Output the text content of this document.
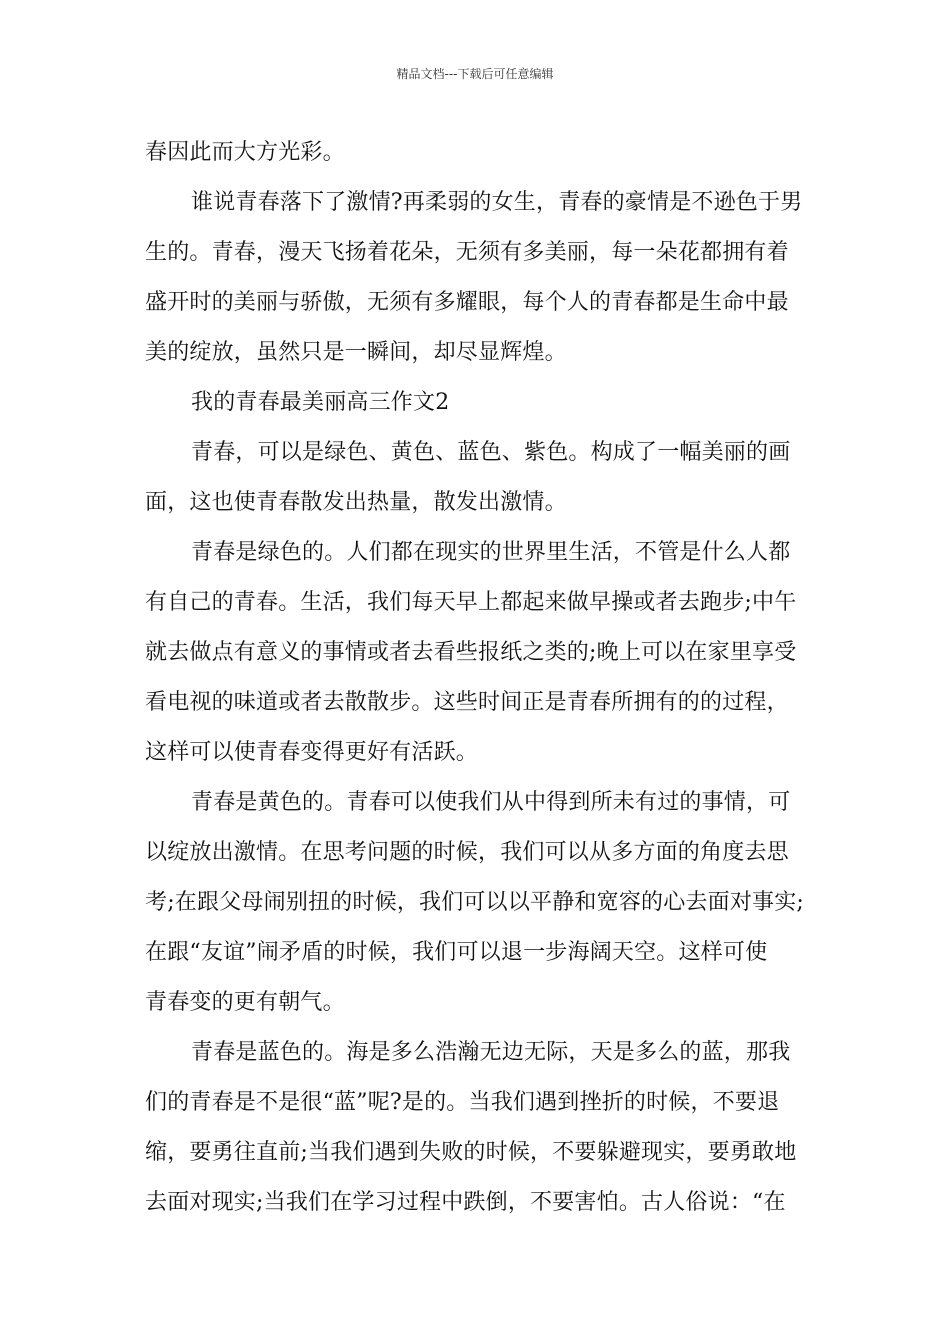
精品文档---下载后可任意编辑
春因此而大方光彩。
谁说青春落下了激情?再柔弱的女生，青春的豪情是不逊色于男
生的。青春，漫天飞扬着花朵，无须有多美丽，每一朵花都拥有着
盛开时的美丽与骄傲，无须有多耀眼，每个人的青春都是生命中最
美的绽放，虽然只是一瞬间，却尽显辉煌。
我的青春最美丽高三作文2
青春，可以是绿色、黄色、蓝色、紫色。构成了一幅美丽的画
面，这也使青春散发出热量，散发出激情。
青春是绿色的。人们都在现实的世界里生活，不管是什么人都
有自己的青春。生活，我们每天早上都起来做早操或者去跑步;中午
就去做点有意义的事情或者去看些报纸之类的;晚上可以在家里享受
看电视的味道或者去散散步。这些时间正是青春所拥有的的过程，
这样可以使青春变得更好有活跃。
青春是黄色的。青春可以使我们从中得到所未有过的事情，可
以绽放出激情。在思考问题的时候，我们可以从多方面的角度去思
考;在跟父母闹别扭的时候，我们可以以平静和宽容的心去面对事实;
在跟“友谊”闹矛盾的时候，我们可以退一步海阔天空。这样可使
青春变的更有朝气。
青春是蓝色的。海是多么浩瀚无边无际，天是多么的蓝，那我
们的青春是不是很“蓝”呢?是的。当我们遇到挫折的时候，不要退
缩，要勇往直前;当我们遇到失败的时候，不要躲避现实，要勇敢地
去面对现实;当我们在学习过程中跌倒，不要害怕。古人俗说：“在
